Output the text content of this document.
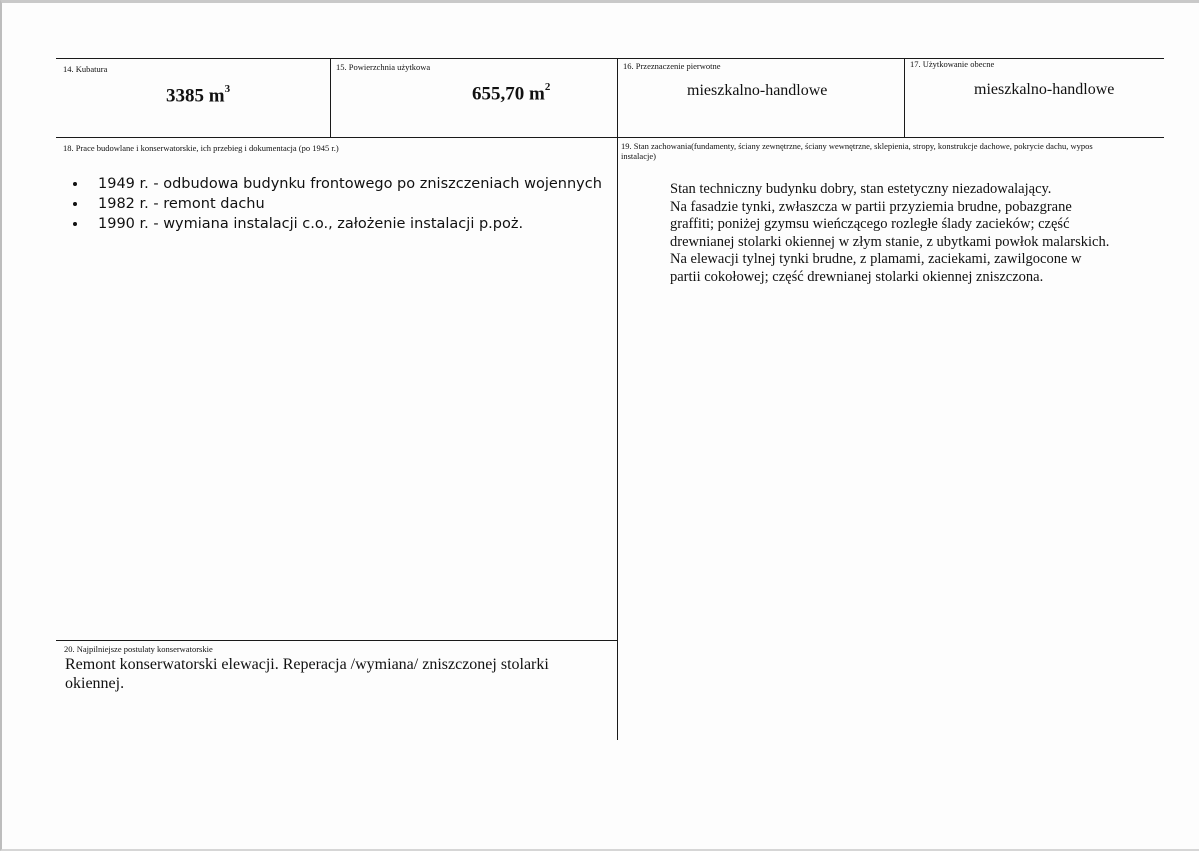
14. Kubatura
3385 $m^3$
15. Powierzchnia użytkowa
655,70 $m^2$
16. Przeznaczenie pierwotne
mieszkalno-handlowe
17. Użytkowanie obecne
mieszkalno-handlowe
18. Prace budowlane i konserwatorskie, ich przebieg i dokumentacja (po 1945 r.)
• 1949 r. - odbudowa budynku frontowego po zniszczeniach wojennych
• 1982 r. - remont dachu
• 1990 r. - wymiana instalacji c.o., założenie instalacji p.poż.
19. Stan zachowania(fundamenty, ściany zewnętrzne, ściany wewnętrzne, sklepienia, stropy, konstrukcje dachowe, pokrycie dachu, wypos
instalacje)

Stan techniczny budynku dobry, stan estetyczny niezadowalający.

Na fasadzie tynki, zwłaszcza w partii przyziemia brudne, pobazgrane graffiti; poniżej gzymsu wieńczącego rozległe ślady zacieków; część drewnianej stolarki okiennej w złym stanie, z ubytkami powłok malarskich.

Na elewacji tylnej tynki brudne, z plamami, zaciekami, zawilgocone w partii cokołowej; część drewnianej stolarki okiennej zniszczona.

20. Najpilniejsze postulaty konserwatorskie
Remont konserwatorski elewacji. Reperacja /wymiana/ zniszczonej stolarki okiennej.
